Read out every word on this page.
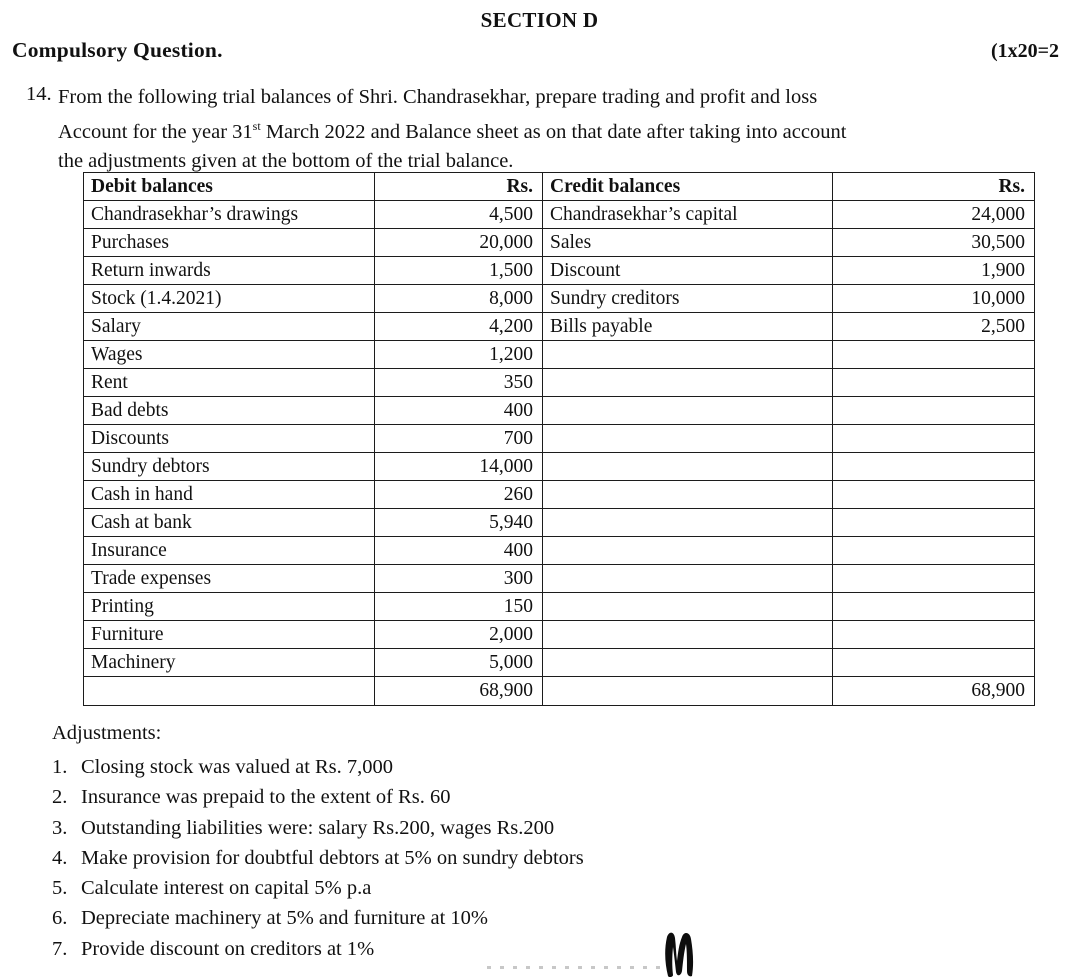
SECTION D
Compulsory Question.	(1x20=2
14. From the following trial balances of Shri. Chandrasekhar, prepare trading and profit and loss
Account for the year 31st March 2022 and Balance sheet as on that date after taking into account
the adjustments given at the bottom of the trial balance.
Debit balances	Rs.	Credit balances	Rs.
Chandrasekhar’s drawings	4,500	Chandrasekhar’s capital	24,000
Purchases	20,000	Sales	30,500
Return inwards	1,500	Discount	1,900
Stock (1.4.2021)	8,000	Sundry creditors	10,000
Salary	4,200	Bills payable	2,500
Wages	1,200		
Rent	350		
Bad debts	400		
Discounts	700		
Sundry debtors	14,000		
Cash in hand	260		
Cash at bank	5,940		
Insurance	400		
Trade expenses	300		
Printing	150		
Furniture	2,000		
Machinery	5,000		
	68,900		68,900
Adjustments:
1. Closing stock was valued at Rs. 7,000
2. Insurance was prepaid to the extent of Rs. 60
3. Outstanding liabilities were: salary Rs.200, wages Rs.200
4. Make provision for doubtful debtors at 5% on sundry debtors
5. Calculate interest on capital 5% p.a
6. Depreciate machinery at 5% and furniture at 10%
7. Provide discount on creditors at 1%
